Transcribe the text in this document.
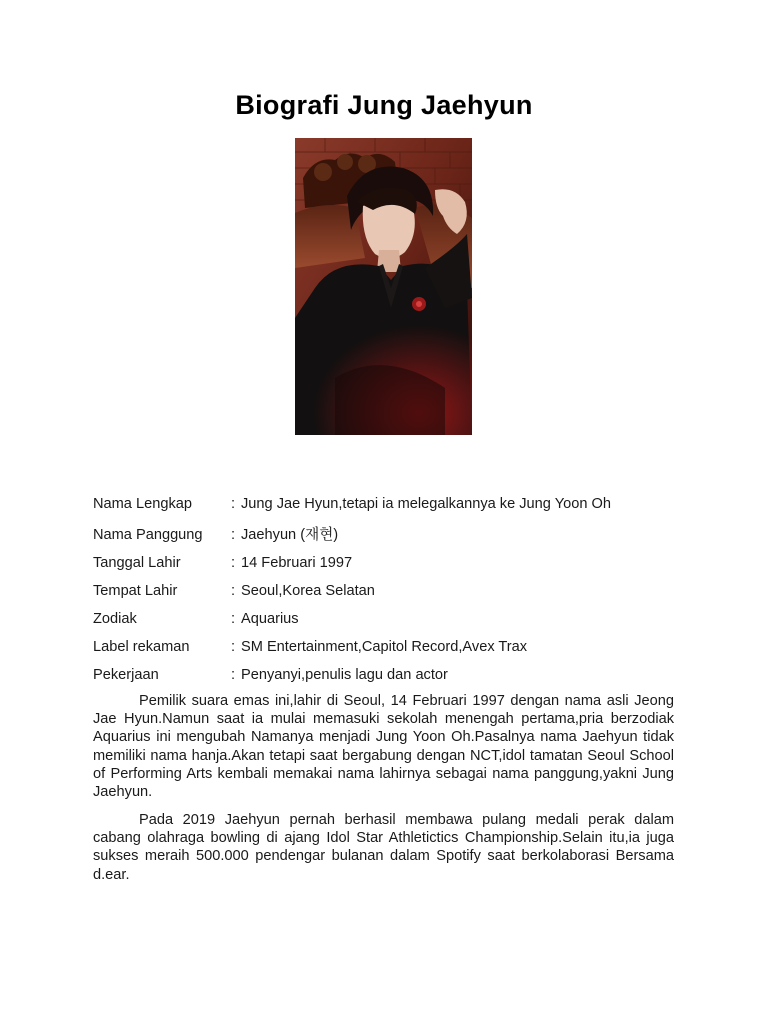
Biografi Jung Jaehyun
Nama Lengkap	: Jung Jae Hyun,tetapi ia melegalkannya ke Jung Yoon Oh
Nama Panggung : Jaehyun (재현)
Tanggal Lahir	: 14 Februari 1997
Tempat Lahir	: Seoul,Korea Selatan
Zodiak	: Aquarius
Label rekaman	: SM Entertainment,Capitol Record,Avex Trax
Pekerjaan	: Penyanyi,penulis lagu dan actor

Pemilik suara emas ini,lahir di Seoul, 14 Februari 1997 dengan nama asli Jeong Jae Hyun.Namun saat ia mulai memasuki sekolah menengah pertama,pria berzodiak Aquarius ini mengubah Namanya menjadi Jung Yoon Oh.Pasalnya nama Jaehyun tidak memiliki nama hanja.Akan tetapi saat bergabung dengan NCT,idol tamatan Seoul School of Performing Arts kembali memakai nama lahirnya sebagai nama panggung,yakni Jung Jaehyun.

Pada 2019 Jaehyun pernah berhasil membawa pulang medali perak dalam cabang olahraga bowling di ajang Idol Star Athletictics Championship.Selain itu,ia juga sukses meraih 500.000 pendengar bulanan dalam Spotify saat berkolaborasi Bersama d.ear.
